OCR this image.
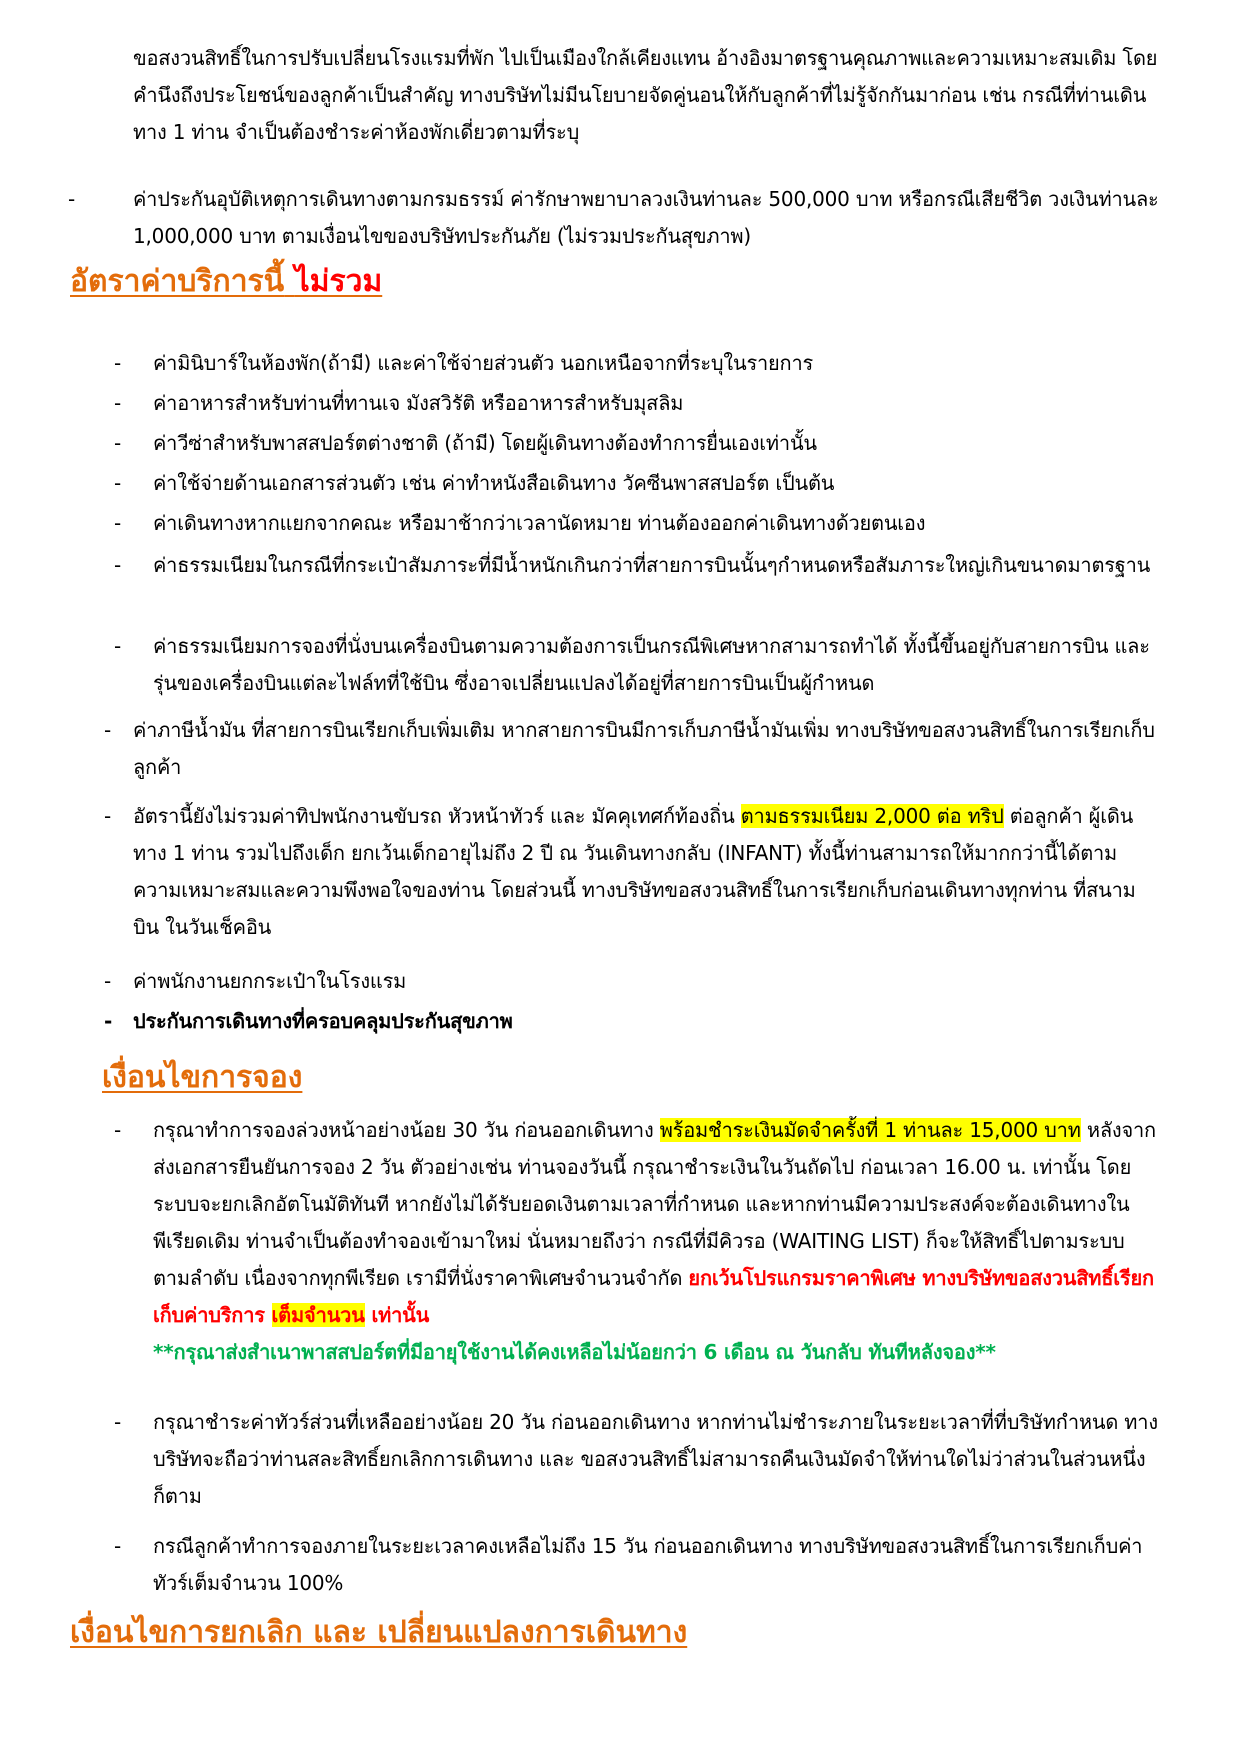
ขอสงวนสิทธิ์ในการปรับเปลี่ยนโรงแรมที่พัก ไปเป็นเมืองใกล้เคียงแทน อ้างอิงมาตรฐานคุณภาพและความเหมาะสมเดิม โดยคำนึงถึงประโยชน์ของลูกค้าเป็นสำคัญ ทางบริษัทไม่มีนโยบายจัดคู่นอนให้กับลูกค้าที่ไม่รู้จักกันมาก่อน เช่น กรณีที่ท่านเดินทาง 1 ท่าน จำเป็นต้องชำระค่าห้องพักเดี่ยวตามที่ระบุ
-	ค่าประกันอุบัติเหตุการเดินทางตามกรมธรรม์ ค่ารักษาพยาบาลวงเงินท่านละ 500,000 บาท หรือกรณีเสียชีวิต วงเงินท่านละ 1,000,000 บาท ตามเงื่อนไขของบริษัทประกันภัย (ไม่รวมประกันสุขภาพ)
อัตราค่าบริการนี้ ไม่รวม
- ค่ามินิบาร์ในห้องพัก(ถ้ามี) และค่าใช้จ่ายส่วนตัว นอกเหนือจากที่ระบุในรายการ
- ค่าอาหารสำหรับท่านที่ทานเจ มังสวิรัติ หรืออาหารสำหรับมุสลิม
- ค่าวีซ่าสำหรับพาสสปอร์ตต่างชาติ (ถ้ามี) โดยผู้เดินทางต้องทำการยื่นเองเท่านั้น
- ค่าใช้จ่ายด้านเอกสารส่วนตัว เช่น ค่าทำหนังสือเดินทาง วัคซีนพาสสปอร์ต เป็นต้น
- ค่าเดินทางหากแยกจากคณะ หรือมาช้ากว่าเวลานัดหมาย ท่านต้องออกค่าเดินทางด้วยตนเอง
- ค่าธรรมเนียมในกรณีที่กระเป๋าสัมภาระที่มีน้ำหนักเกินกว่าที่สายการบินนั้นๆกำหนดหรือสัมภาระใหญ่เกินขนาดมาตรฐาน
- ค่าธรรมเนียมการจองที่นั่งบนเครื่องบินตามความต้องการเป็นกรณีพิเศษหากสามารถทำได้ ทั้งนี้ขึ้นอยู่กับสายการบิน และ รุ่นของเครื่องบินแต่ละไฟล์ทที่ใช้บิน ซึ่งอาจเปลี่ยนแปลงได้อยู่ที่สายการบินเป็นผู้กำหนด
- ค่าภาษีน้ำมัน ที่สายการบินเรียกเก็บเพิ่มเติม หากสายการบินมีการเก็บภาษีน้ำมันเพิ่ม ทางบริษัทขอสงวนสิทธิ์ในการเรียกเก็บลูกค้า
- อัตรานี้ยังไม่รวมค่าทิปพนักงานขับรถ หัวหน้าทัวร์ และ มัคคุเทศก์ท้องถิ่น ตามธรรมเนียม 2,000 ต่อ ทริป ต่อลูกค้า ผู้เดินทาง 1 ท่าน รวมไปถึงเด็ก ยกเว้นเด็กอายุไม่ถึง 2 ปี ณ วันเดินทางกลับ (INFANT) ทั้งนี้ท่านสามารถให้มากกว่านี้ได้ตามความเหมาะสมและความพึงพอใจของท่าน โดยส่วนนี้ ทางบริษัทขอสงวนสิทธิ์ในการเรียกเก็บก่อนเดินทางทุกท่าน ที่สนามบิน ในวันเช็คอิน
- ค่าพนักงานยกกระเป๋าในโรงแรม
- ประกันการเดินทางที่ครอบคลุมประกันสุขภาพ
เงื่อนไขการจอง
- กรุณาทำการจองล่วงหน้าอย่างน้อย 30 วัน ก่อนออกเดินทาง พร้อมชำระเงินมัดจำครั้งที่ 1 ท่านละ 15,000 บาท หลังจากส่งเอกสารยืนยันการจอง 2 วัน ตัวอย่างเช่น ท่านจองวันนี้ กรุณาชำระเงินในวันถัดไป ก่อนเวลา 16.00 น. เท่านั้น โดยระบบจะยกเลิกอัตโนมัติทันที หากยังไม่ได้รับยอดเงินตามเวลาที่กำหนด และหากท่านมีความประสงค์จะต้องเดินทางในพีเรียดเดิม ท่านจำเป็นต้องทำจองเข้ามาใหม่ นั่นหมายถึงว่า กรณีที่มีคิวรอ (WAITING LIST) ก็จะให้สิทธิ์ไปตามระบบ ตามลำดับ เนื่องจากทุกพีเรียด เรามีที่นั่งราคาพิเศษจำนวนจำกัด ยกเว้นโปรแกรมราคาพิเศษ ทางบริษัทขอสงวนสิทธิ์เรียกเก็บค่าบริการ เต็มจำนวน เท่านั้น
**กรุณาส่งสำเนาพาสสปอร์ตที่มีอายุใช้งานได้คงเหลือไม่น้อยกว่า 6 เดือน ณ วันกลับ ทันทีหลังจอง**
- กรุณาชำระค่าทัวร์ส่วนที่เหลืออย่างน้อย 20 วัน ก่อนออกเดินทาง หากท่านไม่ชำระภายในระยะเวลาที่ที่บริษัทกำหนด ทางบริษัทจะถือว่าท่านสละสิทธิ์ยกเลิกการเดินทาง และ ขอสงวนสิทธิ์ไม่สามารถคืนเงินมัดจำให้ท่านใดไม่ว่าส่วนในส่วนหนึ่งก็ตาม
- กรณีลูกค้าทำการจองภายในระยะเวลาคงเหลือไม่ถึง 15 วัน ก่อนออกเดินทาง ทางบริษัทขอสงวนสิทธิ์ในการเรียกเก็บค่าทัวร์เต็มจำนวน 100%
เงื่อนไขการยกเลิก และ เปลี่ยนแปลงการเดินทาง
